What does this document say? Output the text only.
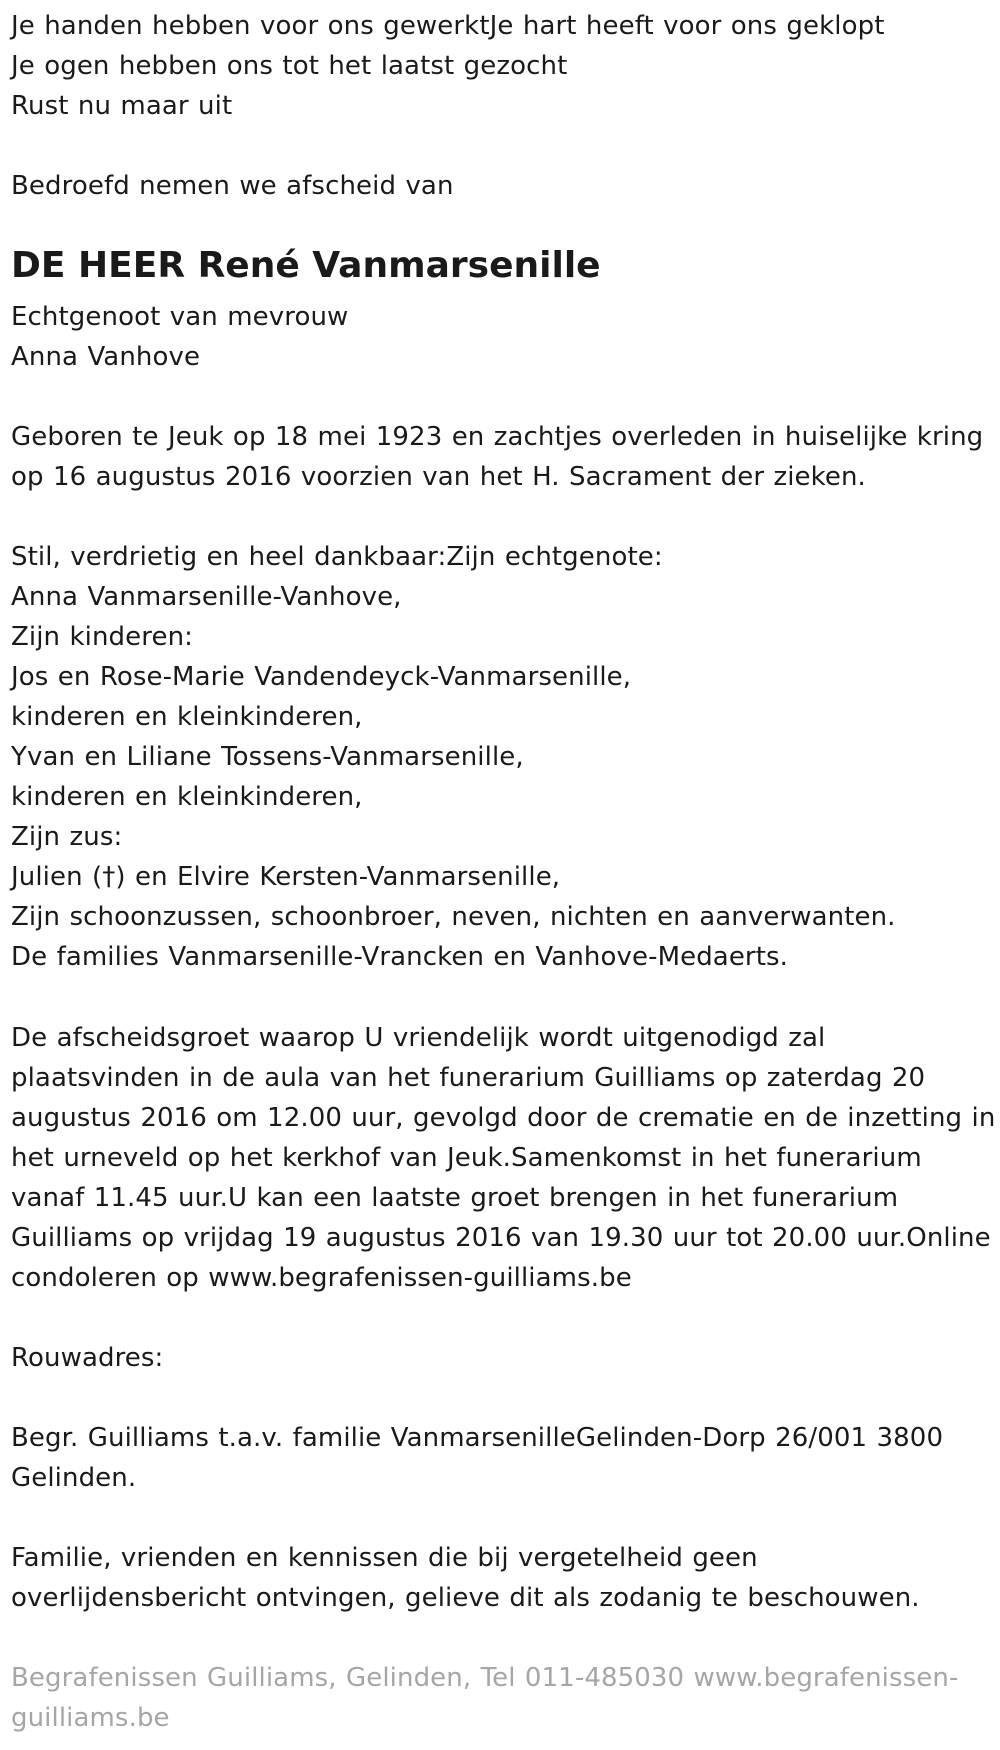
Je handen hebben voor ons gewerktJe hart heeft voor ons geklopt
Je ogen hebben ons tot het laatst gezocht
Rust nu maar uit
Bedroefd nemen we afscheid van
DE HEER René Vanmarsenille
Echtgenoot van mevrouw
Anna Vanhove
Geboren te Jeuk op 18 mei 1923 en zachtjes overleden in huiselijke kring
op 16 augustus 2016 voorzien van het H. Sacrament der zieken.
Stil, verdrietig en heel dankbaar:Zijn echtgenote:
Anna Vanmarsenille-Vanhove,
Zijn kinderen:
Jos en Rose-Marie Vandendeyck-Vanmarsenille,
kinderen en kleinkinderen,
Yvan en Liliane Tossens-Vanmarsenille,
kinderen en kleinkinderen,
Zijn zus:
Julien (†) en Elvire Kersten-Vanmarsenille,
Zijn schoonzussen, schoonbroer, neven, nichten en aanverwanten.
De families Vanmarsenille-Vrancken en Vanhove-Medaerts.
De afscheidsgroet waarop U vriendelijk wordt uitgenodigd zal
plaatsvinden in de aula van het funerarium Guilliams op zaterdag 20
augustus 2016 om 12.00 uur, gevolgd door de crematie en de inzetting in
het urneveld op het kerkhof van Jeuk.Samenkomst in het funerarium
vanaf 11.45 uur.U kan een laatste groet brengen in het funerarium
Guilliams op vrijdag 19 augustus 2016 van 19.30 uur tot 20.00 uur.Online
condoleren op www.begrafenissen-guilliams.be
Rouwadres:
Begr. Guilliams t.a.v. familie VanmarsenilleGelinden-Dorp 26/001 3800
Gelinden.
Familie, vrienden en kennissen die bij vergetelheid geen
overlijdensbericht ontvingen, gelieve dit als zodanig te beschouwen.
Begrafenissen Guilliams, Gelinden, Tel 011-485030 www.begrafenissen-
guilliams.be
